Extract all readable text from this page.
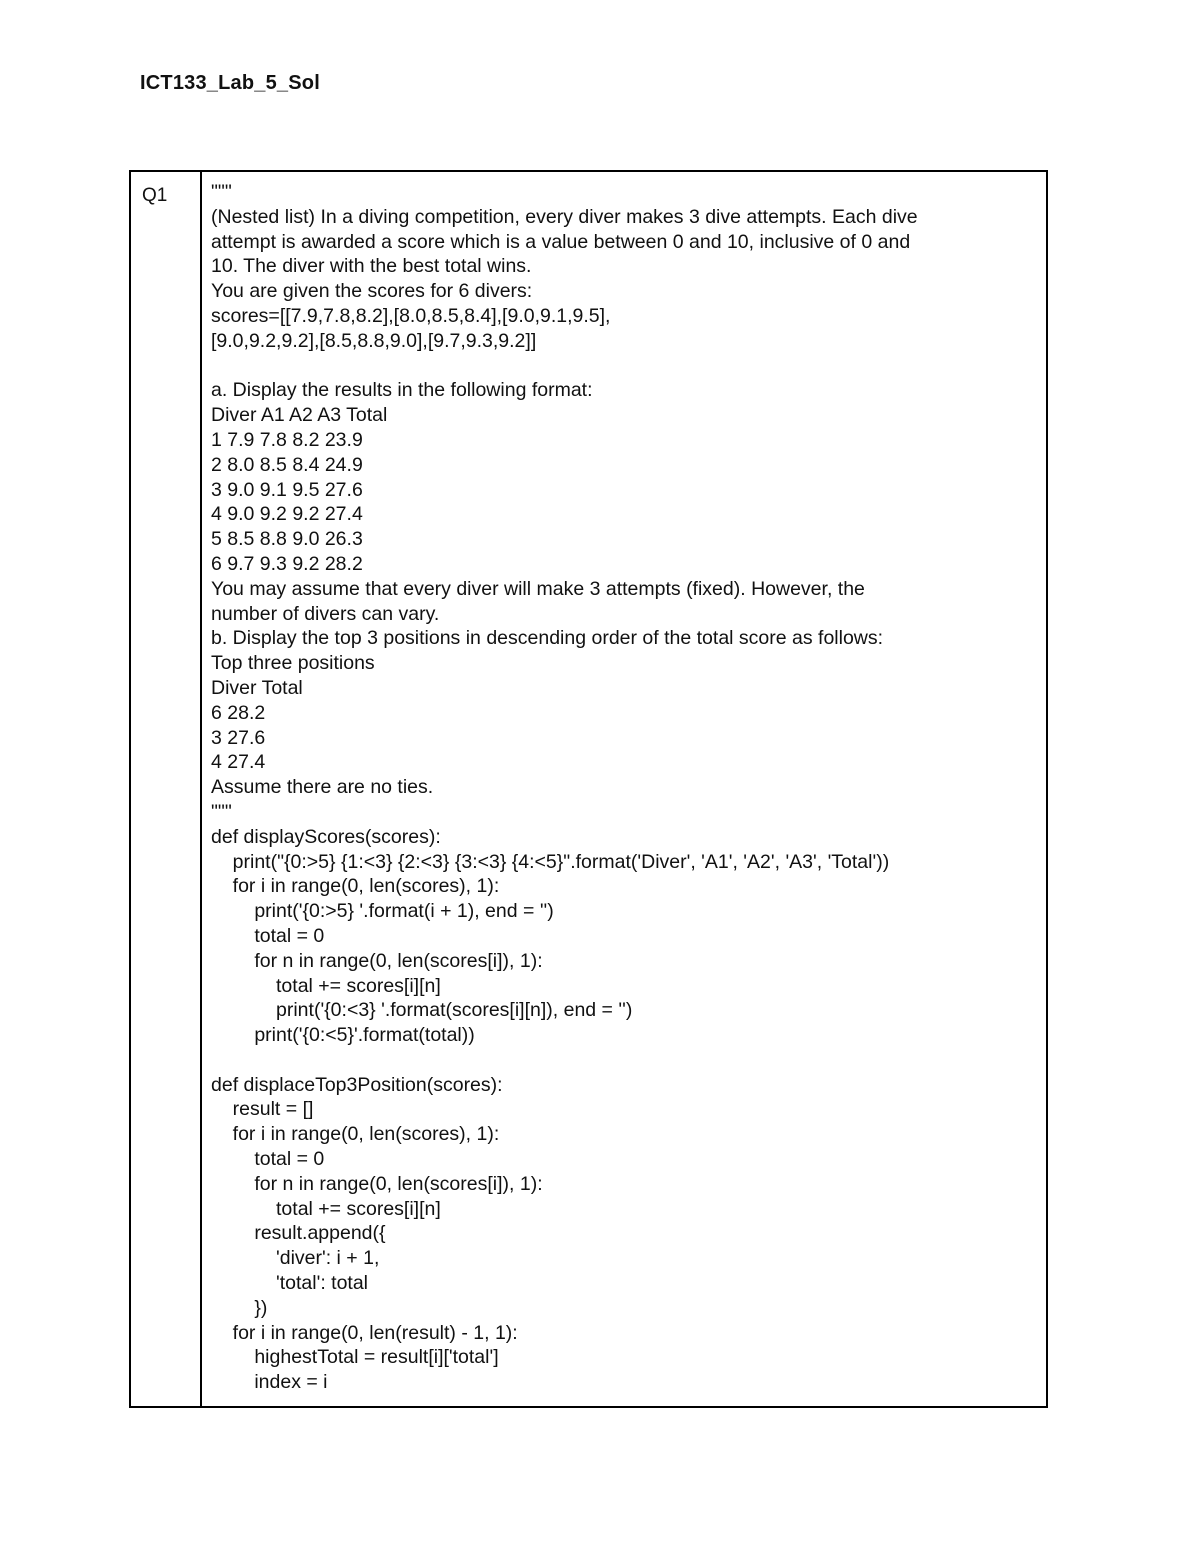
ICT133_Lab_5_Sol
Q1 """
(Nested list) In a diving competition, every diver makes 3 dive attempts. Each dive
attempt is awarded a score which is a value between 0 and 10, inclusive of 0 and
10. The diver with the best total wins.
You are given the scores for 6 divers:
scores=[[7.9,7.8,8.2],[8.0,8.5,8.4],[9.0,9.1,9.5],
[9.0,9.2,9.2],[8.5,8.8,9.0],[9.7,9.3,9.2]]
a. Display the results in the following format:
Diver A1 A2 A3 Total
1 7.9 7.8 8.2 23.9
2 8.0 8.5 8.4 24.9
3 9.0 9.1 9.5 27.6
4 9.0 9.2 9.2 27.4
5 8.5 8.8 9.0 26.3
6 9.7 9.3 9.2 28.2
You may assume that every diver will make 3 attempts (fixed). However, the
number of divers can vary.
b. Display the top 3 positions in descending order of the total score as follows:
Top three positions
Diver Total
6 28.2
3 27.6
4 27.4
Assume there are no ties.
"""
def displayScores(scores):
print("{0:>5} {1:<3} {2:<3} {3:<3} {4:<5}".format('Diver', 'A1', 'A2', 'A3', 'Total'))
for i in range(0, len(scores), 1):
print('{0:>5} '.format(i + 1), end = '')
total = 0
for n in range(0, len(scores[i]), 1):
total += scores[i][n]
print('{0:<3} '.format(scores[i][n]), end = '')
print('{0:<5}'.format(total))
def displaceTop3Position(scores):
result = []
for i in range(0, len(scores), 1):
total = 0
for n in range(0, len(scores[i]), 1):
total += scores[i][n]
result.append({
'diver': i + 1,
'total': total
})
for i in range(0, len(result) - 1, 1):
highestTotal = result[i]['total']
index = i
